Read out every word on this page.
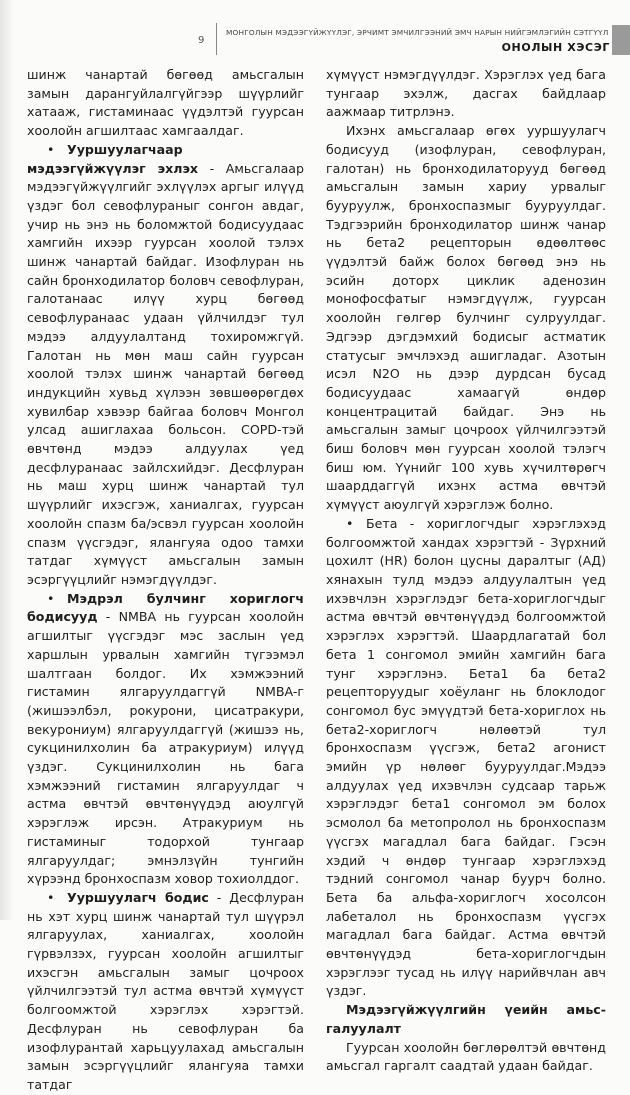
9
МОНГОЛЫН МЭДЭЭГҮЙЖҮҮЛЭГ, ЭРЧИМТ ЭМЧИЛГЭЭНИЙ ЭМЧ НАРЫН НИЙГЭМЛЭГИЙН СЭТГҮҮЛ
ОНОЛЫН ХЭСЭГ

шинж чанартай бөгөөд амьсгалын замын дарангуйлалгүйгээр шүүрлийг хатааж, гистаминаас үүдэлтэй гуурсан хоолойн агшилтаас хамгаалдаг.

• Ууршуулагчаар мэдээгүйжүүлэг эхлэх - Амьсгалаар мэдээгүйжүүлгийг эхлүүлэх аргыг илүүд үздэг бол севофлураныг сонгон авдаг, учир нь энэ нь боломжтой бодисуудаас хамгийн ихээр гуурсан хоолой тэлэх шинж чанартай байдаг. Изофлуран нь сайн бронходилатор боловч севофлуран, галотанаас илүү хурц бөгөөд севофлуранаас удаан үйлчилдэг тул мэдээ алдуулалтанд тохиромжгүй. Галотан нь мөн маш сайн гуурсан хоолой тэлэх шинж чанартай бөгөөд индукцийн хувьд хүлээн зөвшөөрөгдөх хувилбар хэвээр байгаа боловч Монгол улсад ашиглахаа больсон. COPD-тэй өвчтөнд мэдээ алдуулах үед десфлуранаас зайлсхийдэг. Десфлуран нь маш хурц шинж чанартай тул шүүрлийг ихэсгэж, ханиалгах, гуурсан хоолойн спазм ба/эсвэл гуурсан хоолойн спазм үүсгэдэг, ялангуяа одоо тамхи татдаг хүмүүст амьсгалын замын эсэргүүцлийг нэмэгдүүлдэг.

• Мэдрэл булчинг хориглогч бодисууд - NMBA нь гуурсан хоолойн агшилтыг үүсгэдэг мэс заслын үед харшлын урвалын хамгийн түгээмэл шалтгаан болдог. Их хэмжээний гистамин ялгаруулдаггүй NMBA-г (жишээлбэл, рокурони, цисатракури, векурониум) ялгаруулдаггүй (жишээ нь, сукцинилхолин ба атракуриум) илүүд үздэг. Сукцинилхолин нь бага хэмжээний гистамин ялгаруулдаг ч астма өвчтэй өвчтөнүүдэд аюулгүй хэрэглэж ирсэн. Атракуриум нь гистаминыг тодорхой тунгаар ялгаруулдаг; эмнэлзүйн тунгийн хүрээнд бронхоспазм ховор тохиолддог.

• Ууршуулагч бодис - Десфлуран нь хэт хурц шинж чанартай тул шүүрэл ялгаруулах, ханиалгах, хоолойн гүрвэлзэх, гуурсан хоолойн агшилтыг ихэсгэн амьсгалын замыг цочроох үйлчилгээтэй тул астма өвчтэй хүмүүст болгоомжтой хэрэглэх хэрэгтэй. Десфлуран нь севофлуран ба изофлурантай харьцуулахад амьсгалын замын эсэргүүцлийг ялангуяа тамхи татдаг

хүмүүст нэмэгдүүлдэг. Хэрэглэх үед бага тунгаар эхэлж, дасгах байдлаар аажмаар титрлэнэ.

Ихэнх амьсгалаар өгөх ууршуулагч бодисууд (изофлуран, севофлуран, галотан) нь бронходилаторууд бөгөөд амьсгалын замын хариу урвалыг бууруулж, бронхоспазмыг бууруулдаг. Тэдгээрийн бронходилатор шинж чанар нь бета2 рецепторын өдөөлтөөс үүдэлтэй байж болох бөгөөд энэ нь эсийн доторх циклик аденозин монофосфатыг нэмэгдүүлж, гуурсан хоолойн гөлгөр булчинг сулруулдаг. Эдгээр дэгдэмхий бодисыг астматик статусыг эмчлэхэд ашигладаг. Азотын исэл N2O нь дээр дурдсан бусад бодисуудаас хамаагүй өндөр концентрацитай байдаг. Энэ нь амьсгалын замыг цочроох үйлчилгээтэй биш боловч мөн гуурсан хоолой тэлэгч биш юм. Үүнийг 100 хувь хүчилтөрөгч шаарддаггүй ихэнх астма өвчтэй хүмүүст аюулгүй хэрэглэж болно.

• Бета - хориглогчдыг хэрэглэхэд болгоомжтой хандах хэрэгтэй - Зүрхний цохилт (HR) болон цусны даралтыг (АД) хянахын тулд мэдээ алдуулалтын үед ихэвчлэн хэрэглэдэг бета-хориглогчдыг астма өвчтэй өвчтөнүүдэд болгоомжтой хэрэглэх хэрэгтэй. Шаардлагатай бол бета 1 сонгомол эмийн хамгийн бага тунг хэрэглэнэ. Бета1 ба бета2 рецепторуудыг хоёуланг нь блоклодог сонгомол бус эмүүдтэй бета-хориглох нь бета2-хориглогч нөлөөтэй тул бронхоспазм үүсгэж, бета2 агонист эмийн үр нөлөөг бууруулдаг.Мэдээ алдуулах үед ихэвчлэн судсаар тарьж хэрэглэдэг бета1 сонгомол эм болох эсмолол ба метопролол нь бронхоспазм үүсгэх магадлал бага байдаг. Гэсэн хэдий ч өндөр тунгаар хэрэглэхэд тэдний сонгомол чанар буурч болно. Бета ба альфа-хориглогч хосолсон лабеталол нь бронхоспазм үүсгэх магадлал бага байдаг. Астма өвчтэй өвчтөнүүдэд бета-хориглогчдын хэрэглээг тусад нь илүү нарийвчлан авч үздэг.

Мэдээгүйжүүлгийн үеийн амьс-галуулалт

Гуурсан хоолойн бөглөрөлтэй өвчтөнд амьсгал гаргалт саадтай удаан байдаг.
